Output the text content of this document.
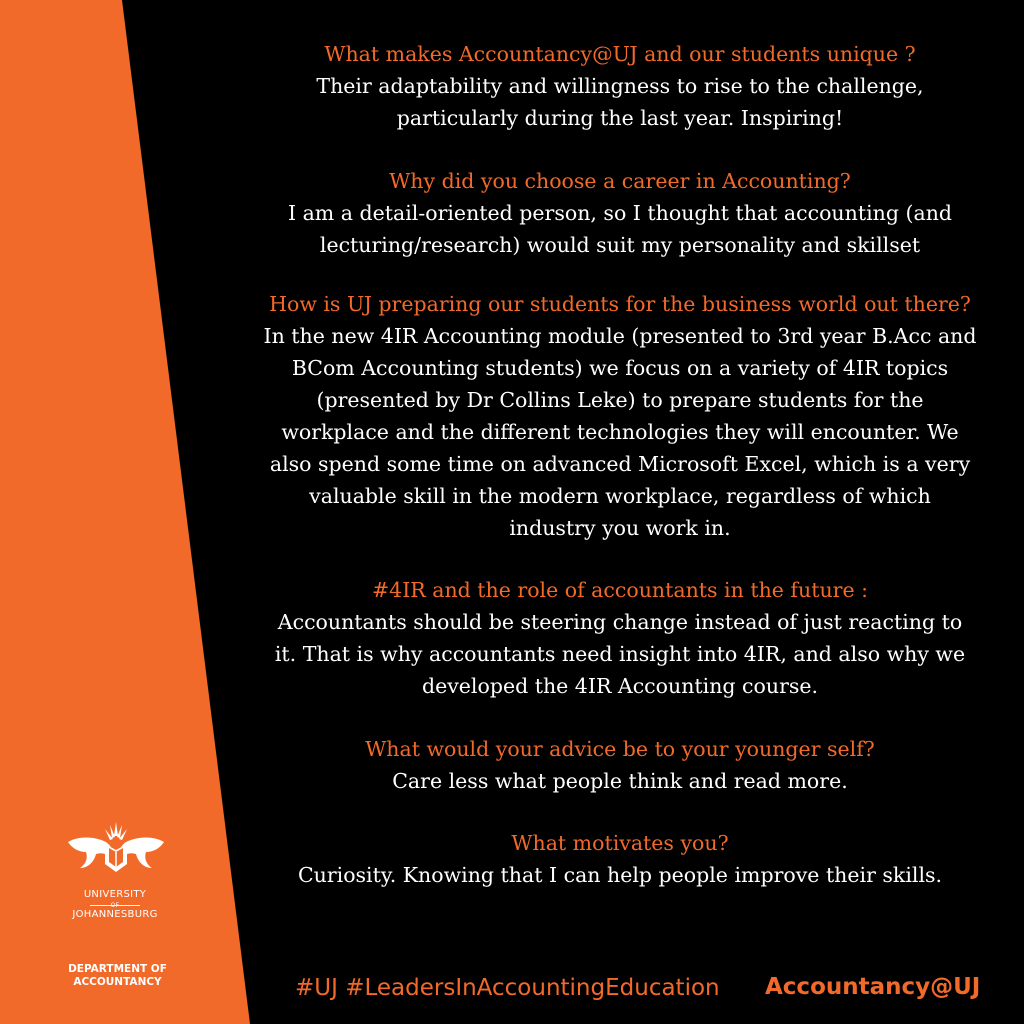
What makes Accountancy@UJ and our students unique ?
Their adaptability and willingness to rise to the challenge,
particularly during the last year. Inspiring!
Why did you choose a career in Accounting?
I am a detail-oriented person, so I thought that accounting (and
lecturing/research) would suit my personality and skillset
How is UJ preparing our students for the business world out there?
In the new 4IR Accounting module (presented to 3rd year B.Acc and
BCom Accounting students) we focus on a variety of 4IR topics
(presented by Dr Collins Leke) to prepare students for the
workplace and the different technologies they will encounter. We
also spend some time on advanced Microsoft Excel, which is a very
valuable skill in the modern workplace, regardless of which
industry you work in.
#4IR and the role of accountants in the future :
Accountants should be steering change instead of just reacting to
it. That is why accountants need insight into 4IR, and also why we
developed the 4IR Accounting course.
What would your advice be to your younger self?
Care less what people think and read more.
What motivates you?
Curiosity. Knowing that I can help people improve their skills.
UNIVERSITY
OF
JOHANNESBURG
DEPARTMENT OF
ACCOUNTANCY	#UJ #LeadersInAccountingEducation Accountancy@UJ
